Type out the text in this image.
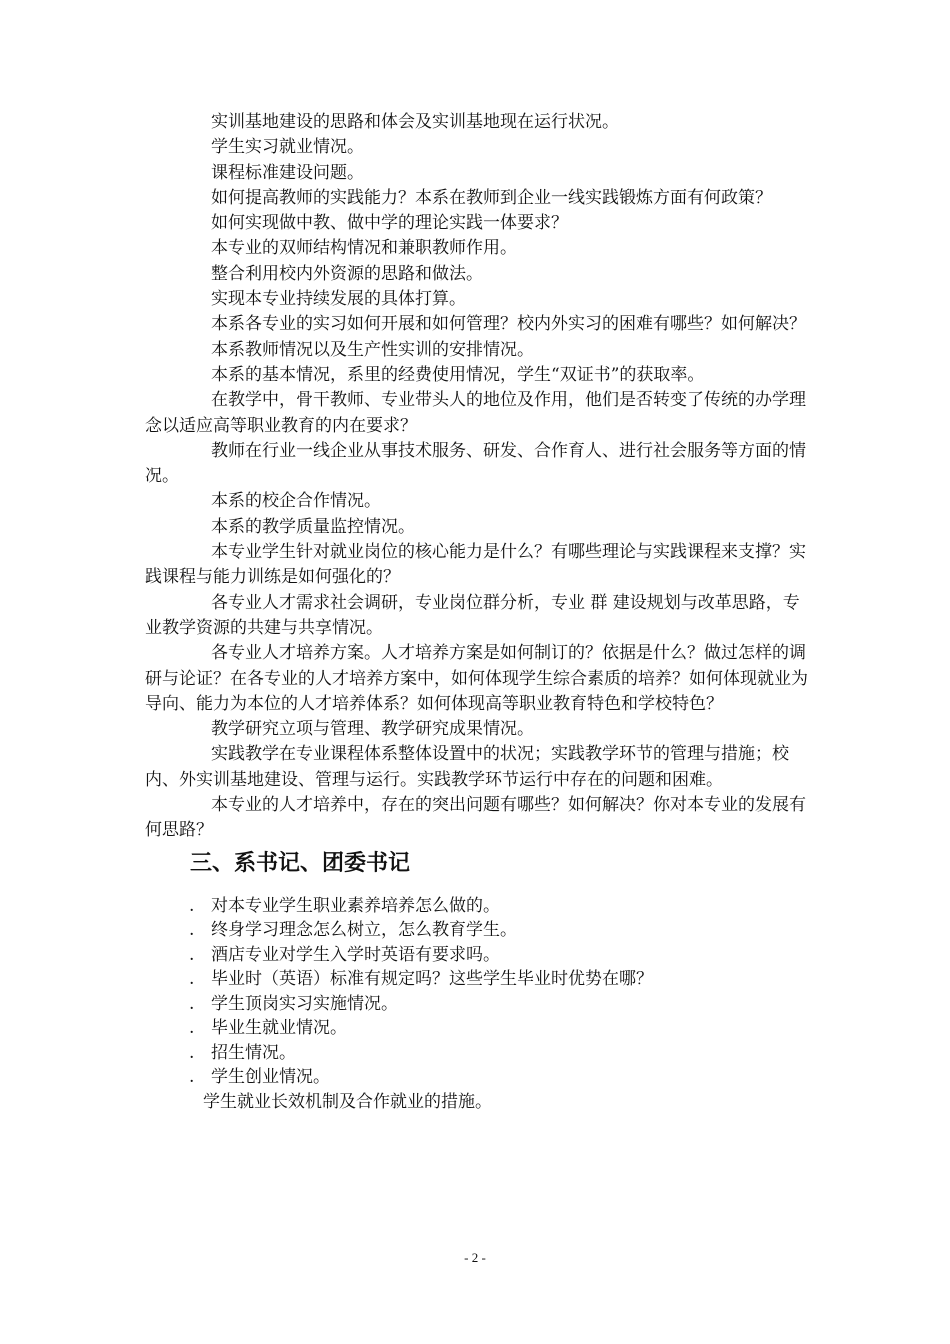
实训基地建设的思路和体会及实训基地现在运行状况。

学生实习就业情况。

课程标准建设问题。

如何提高教师的实践能力？本系在教师到企业一线实践锻炼方面有何政策？

如何实现做中教、做中学的理论实践一体要求？

本专业的双师结构情况和兼职教师作用。

整合利用校内外资源的思路和做法。

实现本专业持续发展的具体打算。

本系各专业的实习如何开展和如何管理？校内外实习的困难有哪些？如何解决？

本系教师情况以及生产性实训的安排情况。

本系的基本情况，系里的经费使用情况，学生“双证书”的获取率。

在教学中，骨干教师、专业带头人的地位及作用，他们是否转变了传统的办学理念以适应高等职业教育的内在要求？

教师在行业一线企业从事技术服务、研发、合作育人、进行社会服务等方面的情况。

本系的校企合作情况。

本系的教学质量监控情况。

本专业学生针对就业岗位的核心能力是什么？有哪些理论与实践课程来支撑？实践课程与能力训练是如何强化的？

各专业人才需求社会调研，专业岗位群分析，专业 群 建设规划与改革思路，专业教学资源的共建与共享情况。

各专业人才培养方案。人才培养方案是如何制订的？依据是什么？做过怎样的调研与论证？在各专业的人才培养方案中，如何体现学生综合素质的培养？如何体现就业为导向、能力为本位的人才培养体系？如何体现高等职业教育特色和学校特色？

教学研究立项与管理、教学研究成果情况。

实践教学在专业课程体系整体设置中的状况；实践教学环节的管理与措施；校内、外实训基地建设、管理与运行。实践教学环节运行中存在的问题和困难。

本专业的人才培养中，存在的突出问题有哪些？如何解决？你对本专业的发展有何思路？

三、系书记、团委书记
. 对本专业学生职业素养培养怎么做的。
. 终身学习理念怎么树立，怎么教育学生。
. 酒店专业对学生入学时英语有要求吗。
. 毕业时（英语）标准有规定吗？这些学生毕业时优势在哪？
. 学生顶岗实习实施情况。
. 毕业生就业情况。
. 招生情况。
. 学生创业情况。

学生就业长效机制及合作就业的措施。

- 2 -
